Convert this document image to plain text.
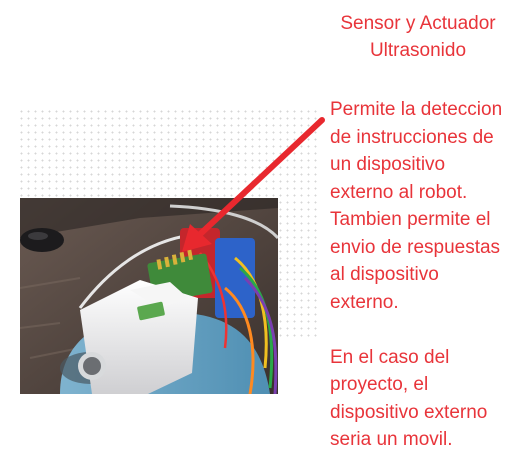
Sensor y Actuador
Ultrasonido
Permite la deteccion
de instrucciones de
un dispositivo
externo al robot.
Tambien permite el
envio de respuestas
al dispositivo
externo.
En el caso del
proyecto, el
dispositivo externo
seria un movil.
